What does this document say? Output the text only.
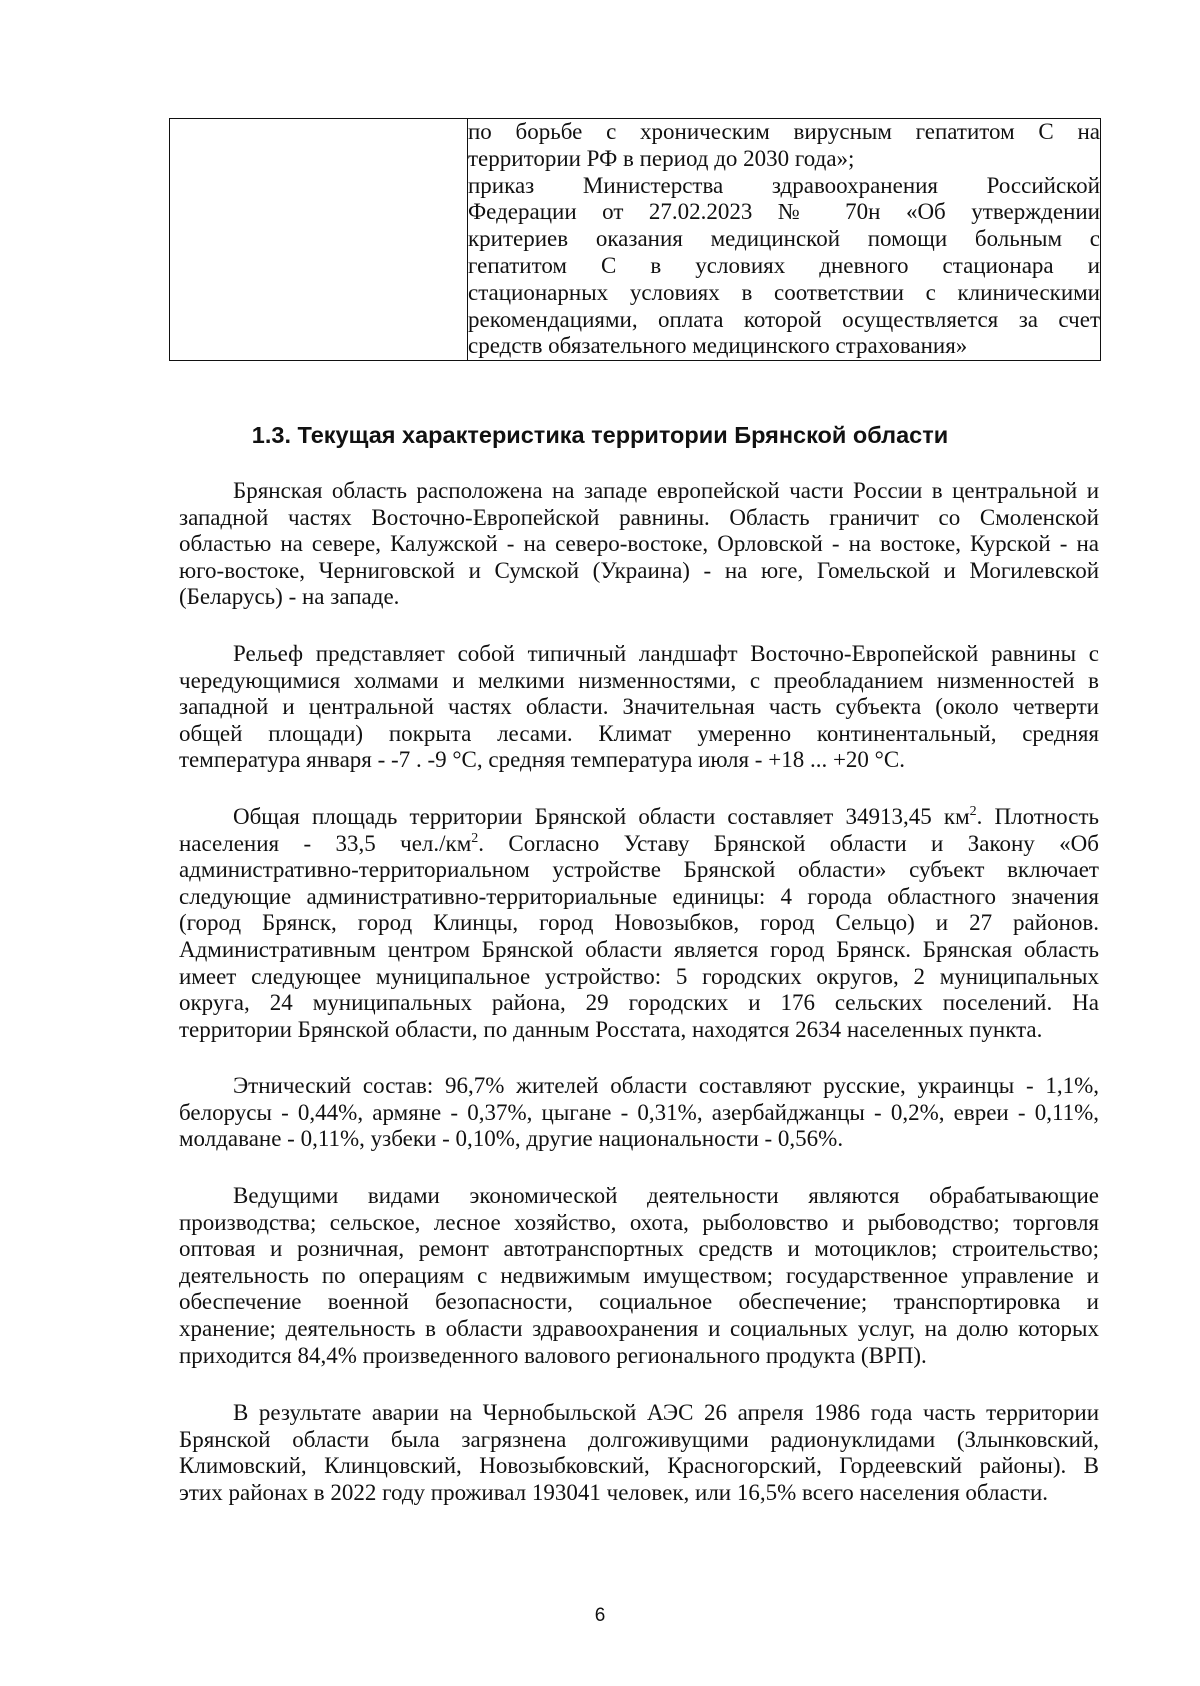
по борьбе с хроническим вирусным гепатитом С на
территории РФ в период до 2030 года»;
приказ Министерства здравоохранения Российской
Федерации от 27.02.2023 № 70н «Об утверждении
критериев оказания медицинской помощи больным с
гепатитом С в условиях дневного стационара и
стационарных условиях в соответствии с клиническими
рекомендациями, оплата которой осуществляется за счет
средств обязательного медицинского страхования»
1.3. Текущая характеристика территории Брянской области
Брянская область расположена на западе европейской части России в центральной и
западной частях Восточно-Европейской равнины. Область граничит со Смоленской
областью на севере, Калужской - на северо-востоке, Орловской - на востоке, Курской - на
юго-востоке, Черниговской и Сумской (Украина) - на юге, Гомельской и Могилевской
(Беларусь) - на западе.
Рельеф представляет собой типичный ландшафт Восточно-Европейской равнины с
чередующимися холмами и мелкими низменностями, с преобладанием низменностей в
западной и центральной частях области. Значительная часть субъекта (около четверти
общей площади) покрыта лесами. Климат умеренно континентальный, средняя
температура января - -7 . -9 °С, средняя температура июля - +18 ... +20 °С.
Общая площадь территории Брянской области составляет 34913,45 $км^2$. Плотность
населения - 33,5 $чел./км^2$. Согласно Уставу Брянской области и Закону «Об
административно-территориальном устройстве Брянской области» субъект включает
следующие административно-территориальные единицы: 4 города областного значения
(город Брянск, город Клинцы, город Новозыбков, город Сельцо) и 27 районов.
Административным центром Брянской области является город Брянск. Брянская область
имеет следующее муниципальное устройство: 5 городских округов, 2 муниципальных
округа, 24 муниципальных района, 29 городских и 176 сельских поселений. На
территории Брянской области, по данным Росстата, находятся 2634 населенных пункта.
Этнический состав: 96,7% жителей области составляют русские, украинцы - 1,1%,
белорусы - 0,44%, армяне - 0,37%, цыгане - 0,31%, азербайджанцы - 0,2%, евреи - 0,11%,
молдаване - 0,11%, узбеки - 0,10%, другие национальности - 0,56%.
Ведущими видами экономической деятельности являются обрабатывающие
производства; сельское, лесное хозяйство, охота, рыболовство и рыбоводство; торговля
оптовая и розничная, ремонт автотранспортных средств и мотоциклов; строительство;
деятельность по операциям с недвижимым имуществом; государственное управление и
обеспечение военной безопасности, социальное обеспечение; транспортировка и
хранение; деятельность в области здравоохранения и социальных услуг, на долю которых
приходится 84,4% произведенного валового регионального продукта (ВРП).
В результате аварии на Чернобыльской АЭС 26 апреля 1986 года часть территории
Брянской области была загрязнена долгоживущими радионуклидами (Злынковский,
Климовский, Клинцовский, Новозыбковский, Красногорский, Гордеевский районы). В
этих районах в 2022 году проживал 193041 человек, или 16,5% всего населения области.
6
